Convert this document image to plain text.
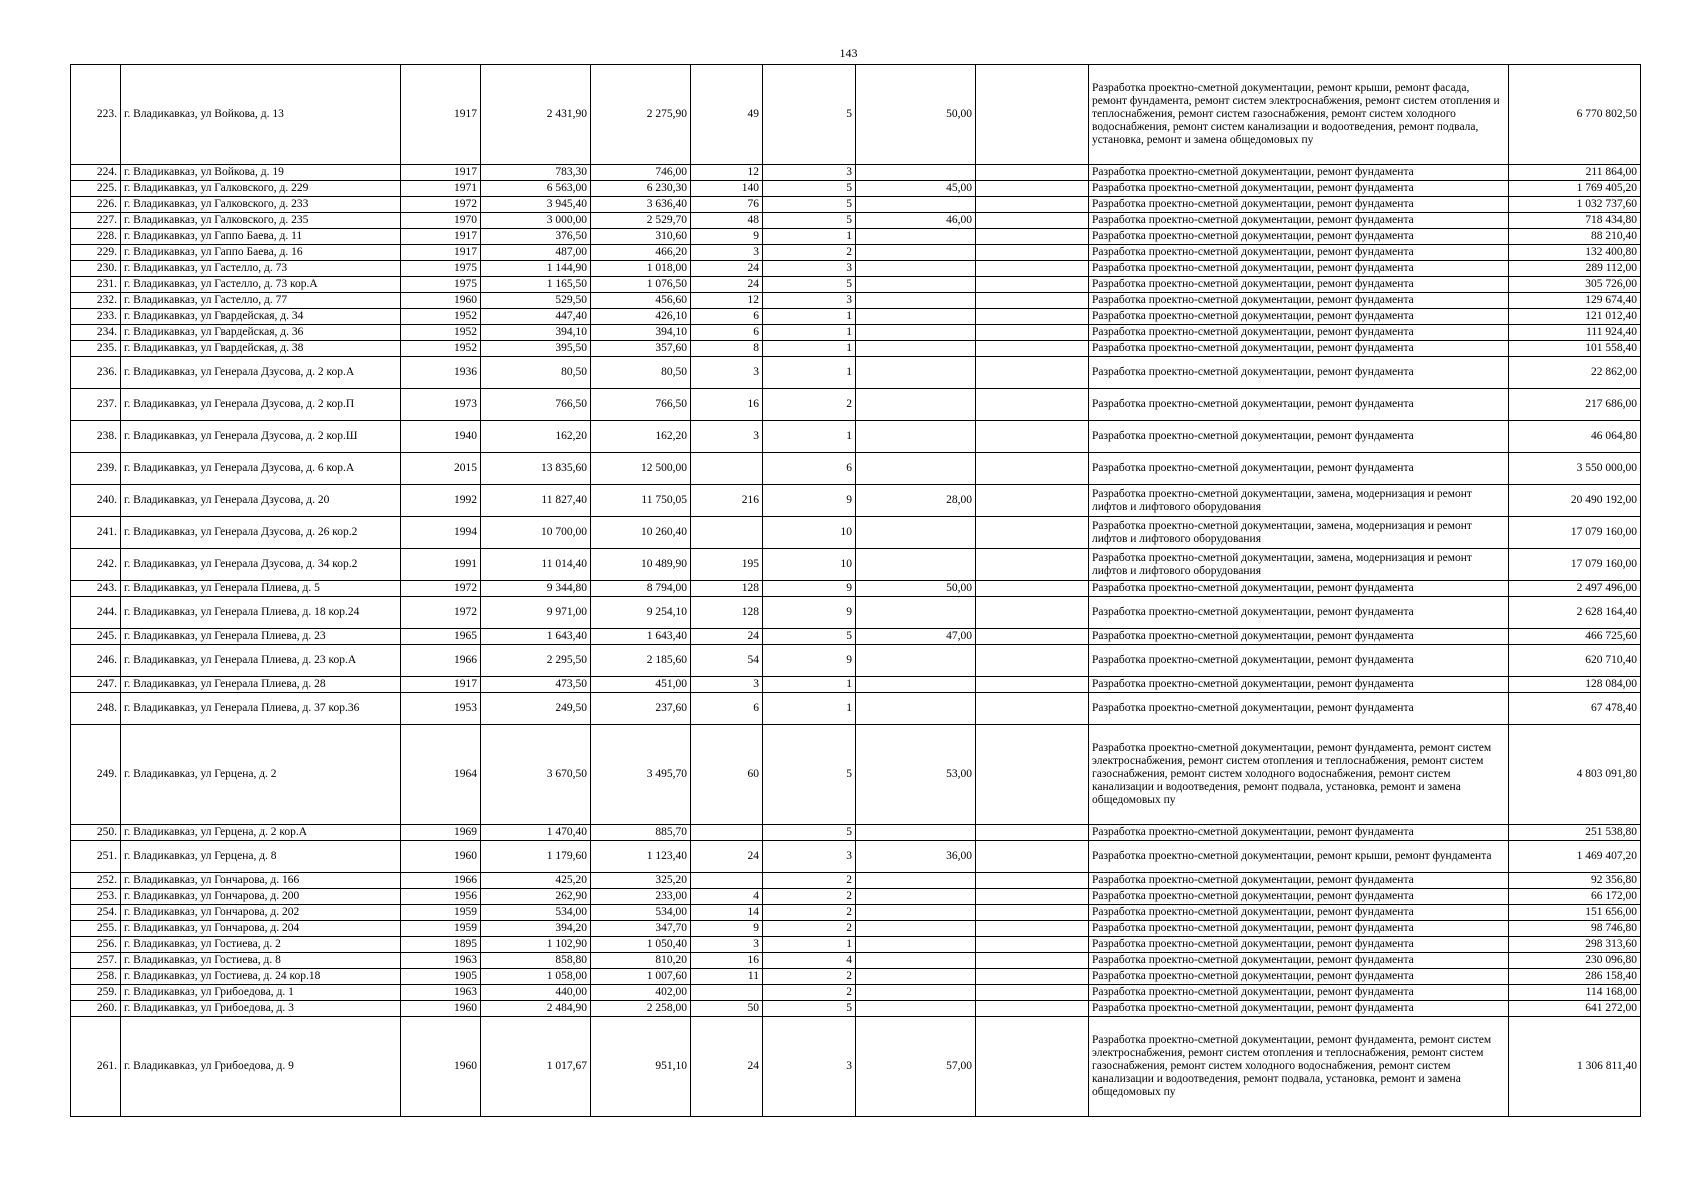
143
223.	г. Владикавказ, ул Войкова, д. 13	1917	2 431,90	2 275,90	49	5	50,00		Разработка проектно-сметной документации, ремонт крыши, ремонт фасада, ремонт фундамента, ремонт систем электроснабжения, ремонт систем отопления и теплоснабжения, ремонт систем газоснабжения, ремонт систем холодного водоснабжения, ремонт систем канализации и водоотведения, ремонт подвала, установка, ремонт и замена общедомовых пу	6 770 802,50
224.	г. Владикавказ, ул Войкова, д. 19	1917	783,30	746,00	12	3			Разработка проектно-сметной документации, ремонт фундамента	211 864,00
225.	г. Владикавказ, ул Галковского, д. 229	1971	6 563,00	6 230,30	140	5	45,00		Разработка проектно-сметной документации, ремонт фундамента	1 769 405,20
226.	г. Владикавказ, ул Галковского, д. 233	1972	3 945,40	3 636,40	76	5			Разработка проектно-сметной документации, ремонт фундамента	1 032 737,60
227.	г. Владикавказ, ул Галковского, д. 235	1970	3 000,00	2 529,70	48	5	46,00		Разработка проектно-сметной документации, ремонт фундамента	718 434,80
228.	г. Владикавказ, ул Гаппо Баева, д. 11	1917	376,50	310,60	9	1			Разработка проектно-сметной документации, ремонт фундамента	88 210,40
229.	г. Владикавказ, ул Гаппо Баева, д. 16	1917	487,00	466,20	3	2			Разработка проектно-сметной документации, ремонт фундамента	132 400,80
230.	г. Владикавказ, ул Гастелло, д. 73	1975	1 144,90	1 018,00	24	3			Разработка проектно-сметной документации, ремонт фундамента	289 112,00
231.	г. Владикавказ, ул Гастелло, д. 73 кор.А	1975	1 165,50	1 076,50	24	5			Разработка проектно-сметной документации, ремонт фундамента	305 726,00
232.	г. Владикавказ, ул Гастелло, д. 77	1960	529,50	456,60	12	3			Разработка проектно-сметной документации, ремонт фундамента	129 674,40
233.	г. Владикавказ, ул Гвардейская, д. 34	1952	447,40	426,10	6	1			Разработка проектно-сметной документации, ремонт фундамента	121 012,40
234.	г. Владикавказ, ул Гвардейская, д. 36	1952	394,10	394,10	6	1			Разработка проектно-сметной документации, ремонт фундамента	111 924,40
235.	г. Владикавказ, ул Гвардейская, д. 38	1952	395,50	357,60	8	1			Разработка проектно-сметной документации, ремонт фундамента	101 558,40
236.	г. Владикавказ, ул Генерала Дзусова, д. 2 кор.А	1936	80,50	80,50	3	1			Разработка проектно-сметной документации, ремонт фундамента	22 862,00
237.	г. Владикавказ, ул Генерала Дзусова, д. 2 кор.П	1973	766,50	766,50	16	2			Разработка проектно-сметной документации, ремонт фундамента	217 686,00
238.	г. Владикавказ, ул Генерала Дзусова, д. 2 кор.Ш	1940	162,20	162,20	3	1			Разработка проектно-сметной документации, ремонт фундамента	46 064,80
239.	г. Владикавказ, ул Генерала Дзусова, д. 6 кор.А	2015	13 835,60	12 500,00		6			Разработка проектно-сметной документации, ремонт фундамента	3 550 000,00
240.	г. Владикавказ, ул Генерала Дзусова, д. 20	1992	11 827,40	11 750,05	216	9	28,00		Разработка проектно-сметной документации, замена, модернизация и ремонт лифтов и лифтового оборудования	20 490 192,00
241.	г. Владикавказ, ул Генерала Дзусова, д. 26 кор.2	1994	10 700,00	10 260,40		10			Разработка проектно-сметной документации, замена, модернизация и ремонт лифтов и лифтового оборудования	17 079 160,00
242.	г. Владикавказ, ул Генерала Дзусова, д. 34 кор.2	1991	11 014,40	10 489,90	195	10			Разработка проектно-сметной документации, замена, модернизация и ремонт лифтов и лифтового оборудования	17 079 160,00
243.	г. Владикавказ, ул Генерала Плиева, д. 5	1972	9 344,80	8 794,00	128	9	50,00		Разработка проектно-сметной документации, ремонт фундамента	2 497 496,00
244.	г. Владикавказ, ул Генерала Плиева, д. 18 кор.24	1972	9 971,00	9 254,10	128	9			Разработка проектно-сметной документации, ремонт фундамента	2 628 164,40
245.	г. Владикавказ, ул Генерала Плиева, д. 23	1965	1 643,40	1 643,40	24	5	47,00		Разработка проектно-сметной документации, ремонт фундамента	466 725,60
246.	г. Владикавказ, ул Генерала Плиева, д. 23 кор.А	1966	2 295,50	2 185,60	54	9			Разработка проектно-сметной документации, ремонт фундамента	620 710,40
247.	г. Владикавказ, ул Генерала Плиева, д. 28	1917	473,50	451,00	3	1			Разработка проектно-сметной документации, ремонт фундамента	128 084,00
248.	г. Владикавказ, ул Генерала Плиева, д. 37 кор.36	1953	249,50	237,60	6	1			Разработка проектно-сметной документации, ремонт фундамента	67 478,40
249.	г. Владикавказ, ул Герцена, д. 2	1964	3 670,50	3 495,70	60	5	53,00		Разработка проектно-сметной документации, ремонт фундамента, ремонт систем электроснабжения, ремонт систем отопления и теплоснабжения, ремонт систем газоснабжения, ремонт систем холодного водоснабжения, ремонт систем канализации и водоотведения, ремонт подвала, установка, ремонт и замена общедомовых пу	4 803 091,80
250.	г. Владикавказ, ул Герцена, д. 2 кор.А	1969	1 470,40	885,70		5			Разработка проектно-сметной документации, ремонт фундамента	251 538,80
251.	г. Владикавказ, ул Герцена, д. 8	1960	1 179,60	1 123,40	24	3	36,00		Разработка проектно-сметной документации, ремонт крыши, ремонт фундамента	1 469 407,20
252.	г. Владикавказ, ул Гончарова, д. 166	1966	425,20	325,20		2			Разработка проектно-сметной документации, ремонт фундамента	92 356,80
253.	г. Владикавказ, ул Гончарова, д. 200	1956	262,90	233,00	4	2			Разработка проектно-сметной документации, ремонт фундамента	66 172,00
254.	г. Владикавказ, ул Гончарова, д. 202	1959	534,00	534,00	14	2			Разработка проектно-сметной документации, ремонт фундамента	151 656,00
255.	г. Владикавказ, ул Гончарова, д. 204	1959	394,20	347,70	9	2			Разработка проектно-сметной документации, ремонт фундамента	98 746,80
256.	г. Владикавказ, ул Гостиева, д. 2	1895	1 102,90	1 050,40	3	1			Разработка проектно-сметной документации, ремонт фундамента	298 313,60
257.	г. Владикавказ, ул Гостиева, д. 8	1963	858,80	810,20	16	4			Разработка проектно-сметной документации, ремонт фундамента	230 096,80
258.	г. Владикавказ, ул Гостиева, д. 24 кор.18	1905	1 058,00	1 007,60	11	2			Разработка проектно-сметной документации, ремонт фундамента	286 158,40
259.	г. Владикавказ, ул Грибоедова, д. 1	1963	440,00	402,00		2			Разработка проектно-сметной документации, ремонт фундамента	114 168,00
260.	г. Владикавказ, ул Грибоедова, д. 3	1960	2 484,90	2 258,00	50	5			Разработка проектно-сметной документации, ремонт фундамента	641 272,00
261.	г. Владикавказ, ул Грибоедова, д. 9	1960	1 017,67	951,10	24	3	57,00		Разработка проектно-сметной документации, ремонт фундамента, ремонт систем электроснабжения, ремонт систем отопления и теплоснабжения, ремонт систем газоснабжения, ремонт систем холодного водоснабжения, ремонт систем канализации и водоотведения, ремонт подвала, установка, ремонт и замена общедомовых пу	1 306 811,40
